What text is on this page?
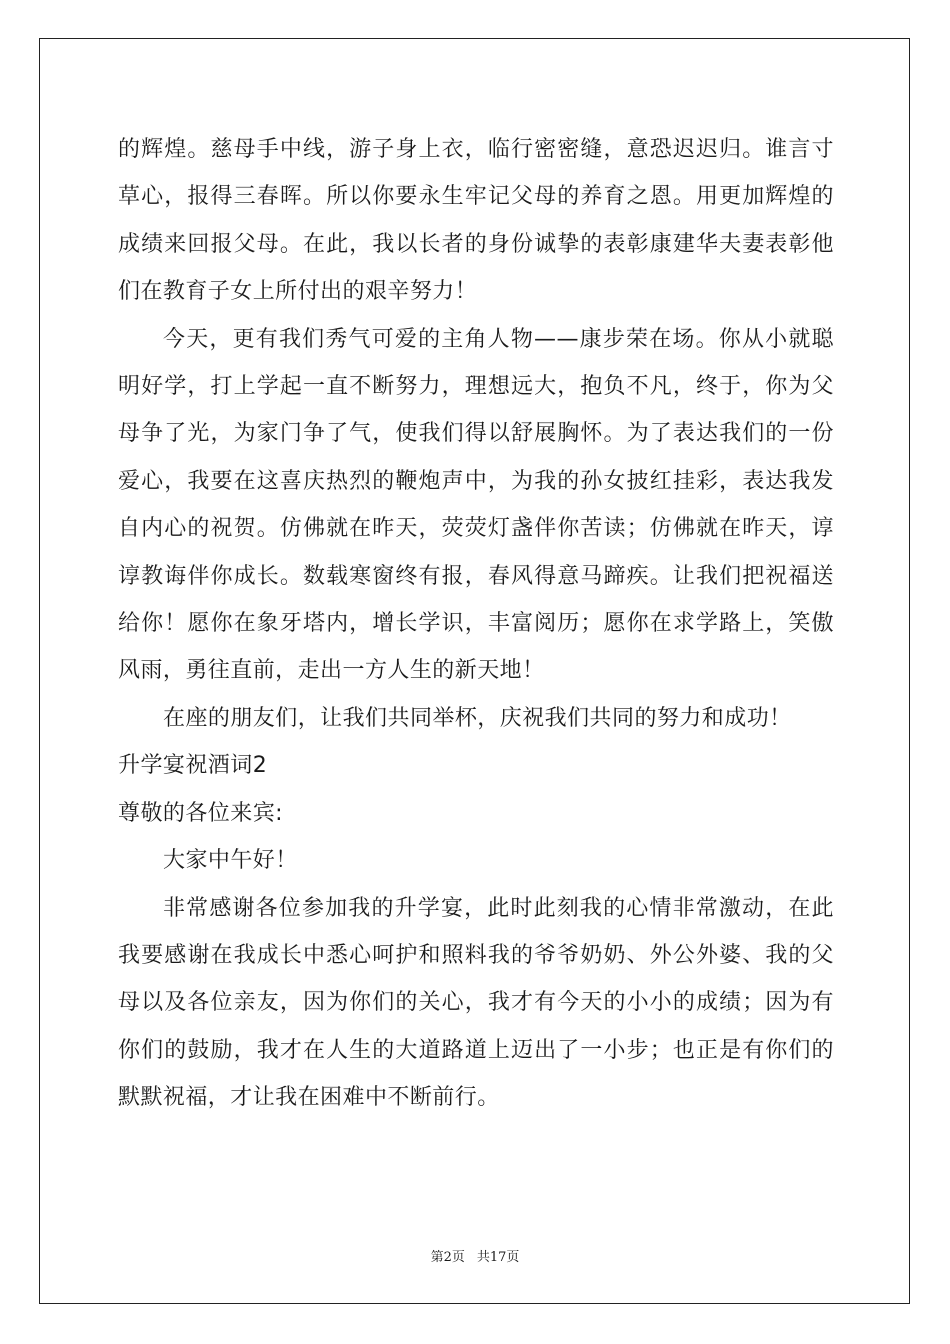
的辉煌。慈母手中线，游子身上衣，临行密密缝，意恐迟迟归。谁言寸草心，报得三春晖。所以你要永生牢记父母的养育之恩。用更加辉煌的成绩来回报父母。在此，我以长者的身份诚挚的表彰康建华夫妻表彰他们在教育子女上所付出的艰辛努力！

今天，更有我们秀气可爱的主角人物——康步荣在场。你从小就聪明好学，打上学起一直不断努力，理想远大，抱负不凡，终于，你为父母争了光，为家门争了气，使我们得以舒展胸怀。为了表达我们的一份爱心，我要在这喜庆热烈的鞭炮声中，为我的孙女披红挂彩，表达我发自内心的祝贺。仿佛就在昨天，荧荧灯盏伴你苦读；仿佛就在昨天，谆谆教诲伴你成长。数载寒窗终有报，春风得意马蹄疾。让我们把祝福送给你！愿你在象牙塔内，增长学识，丰富阅历；愿你在求学路上，笑傲风雨，勇往直前，走出一方人生的新天地！

在座的朋友们，让我们共同举杯，庆祝我们共同的努力和成功！

升学宴祝酒词2

尊敬的各位来宾:

大家中午好！

非常感谢各位参加我的升学宴，此时此刻我的心情非常激动，在此我要感谢在我成长中悉心呵护和照料我的爷爷奶奶、外公外婆、我的父母以及各位亲友，因为你们的关心，我才有今天的小小的成绩；因为有你们的鼓励，我才在人生的大道路道上迈出了一小步；也正是有你们的默默祝福，才让我在困难中不断前行。

第2页 共17页
